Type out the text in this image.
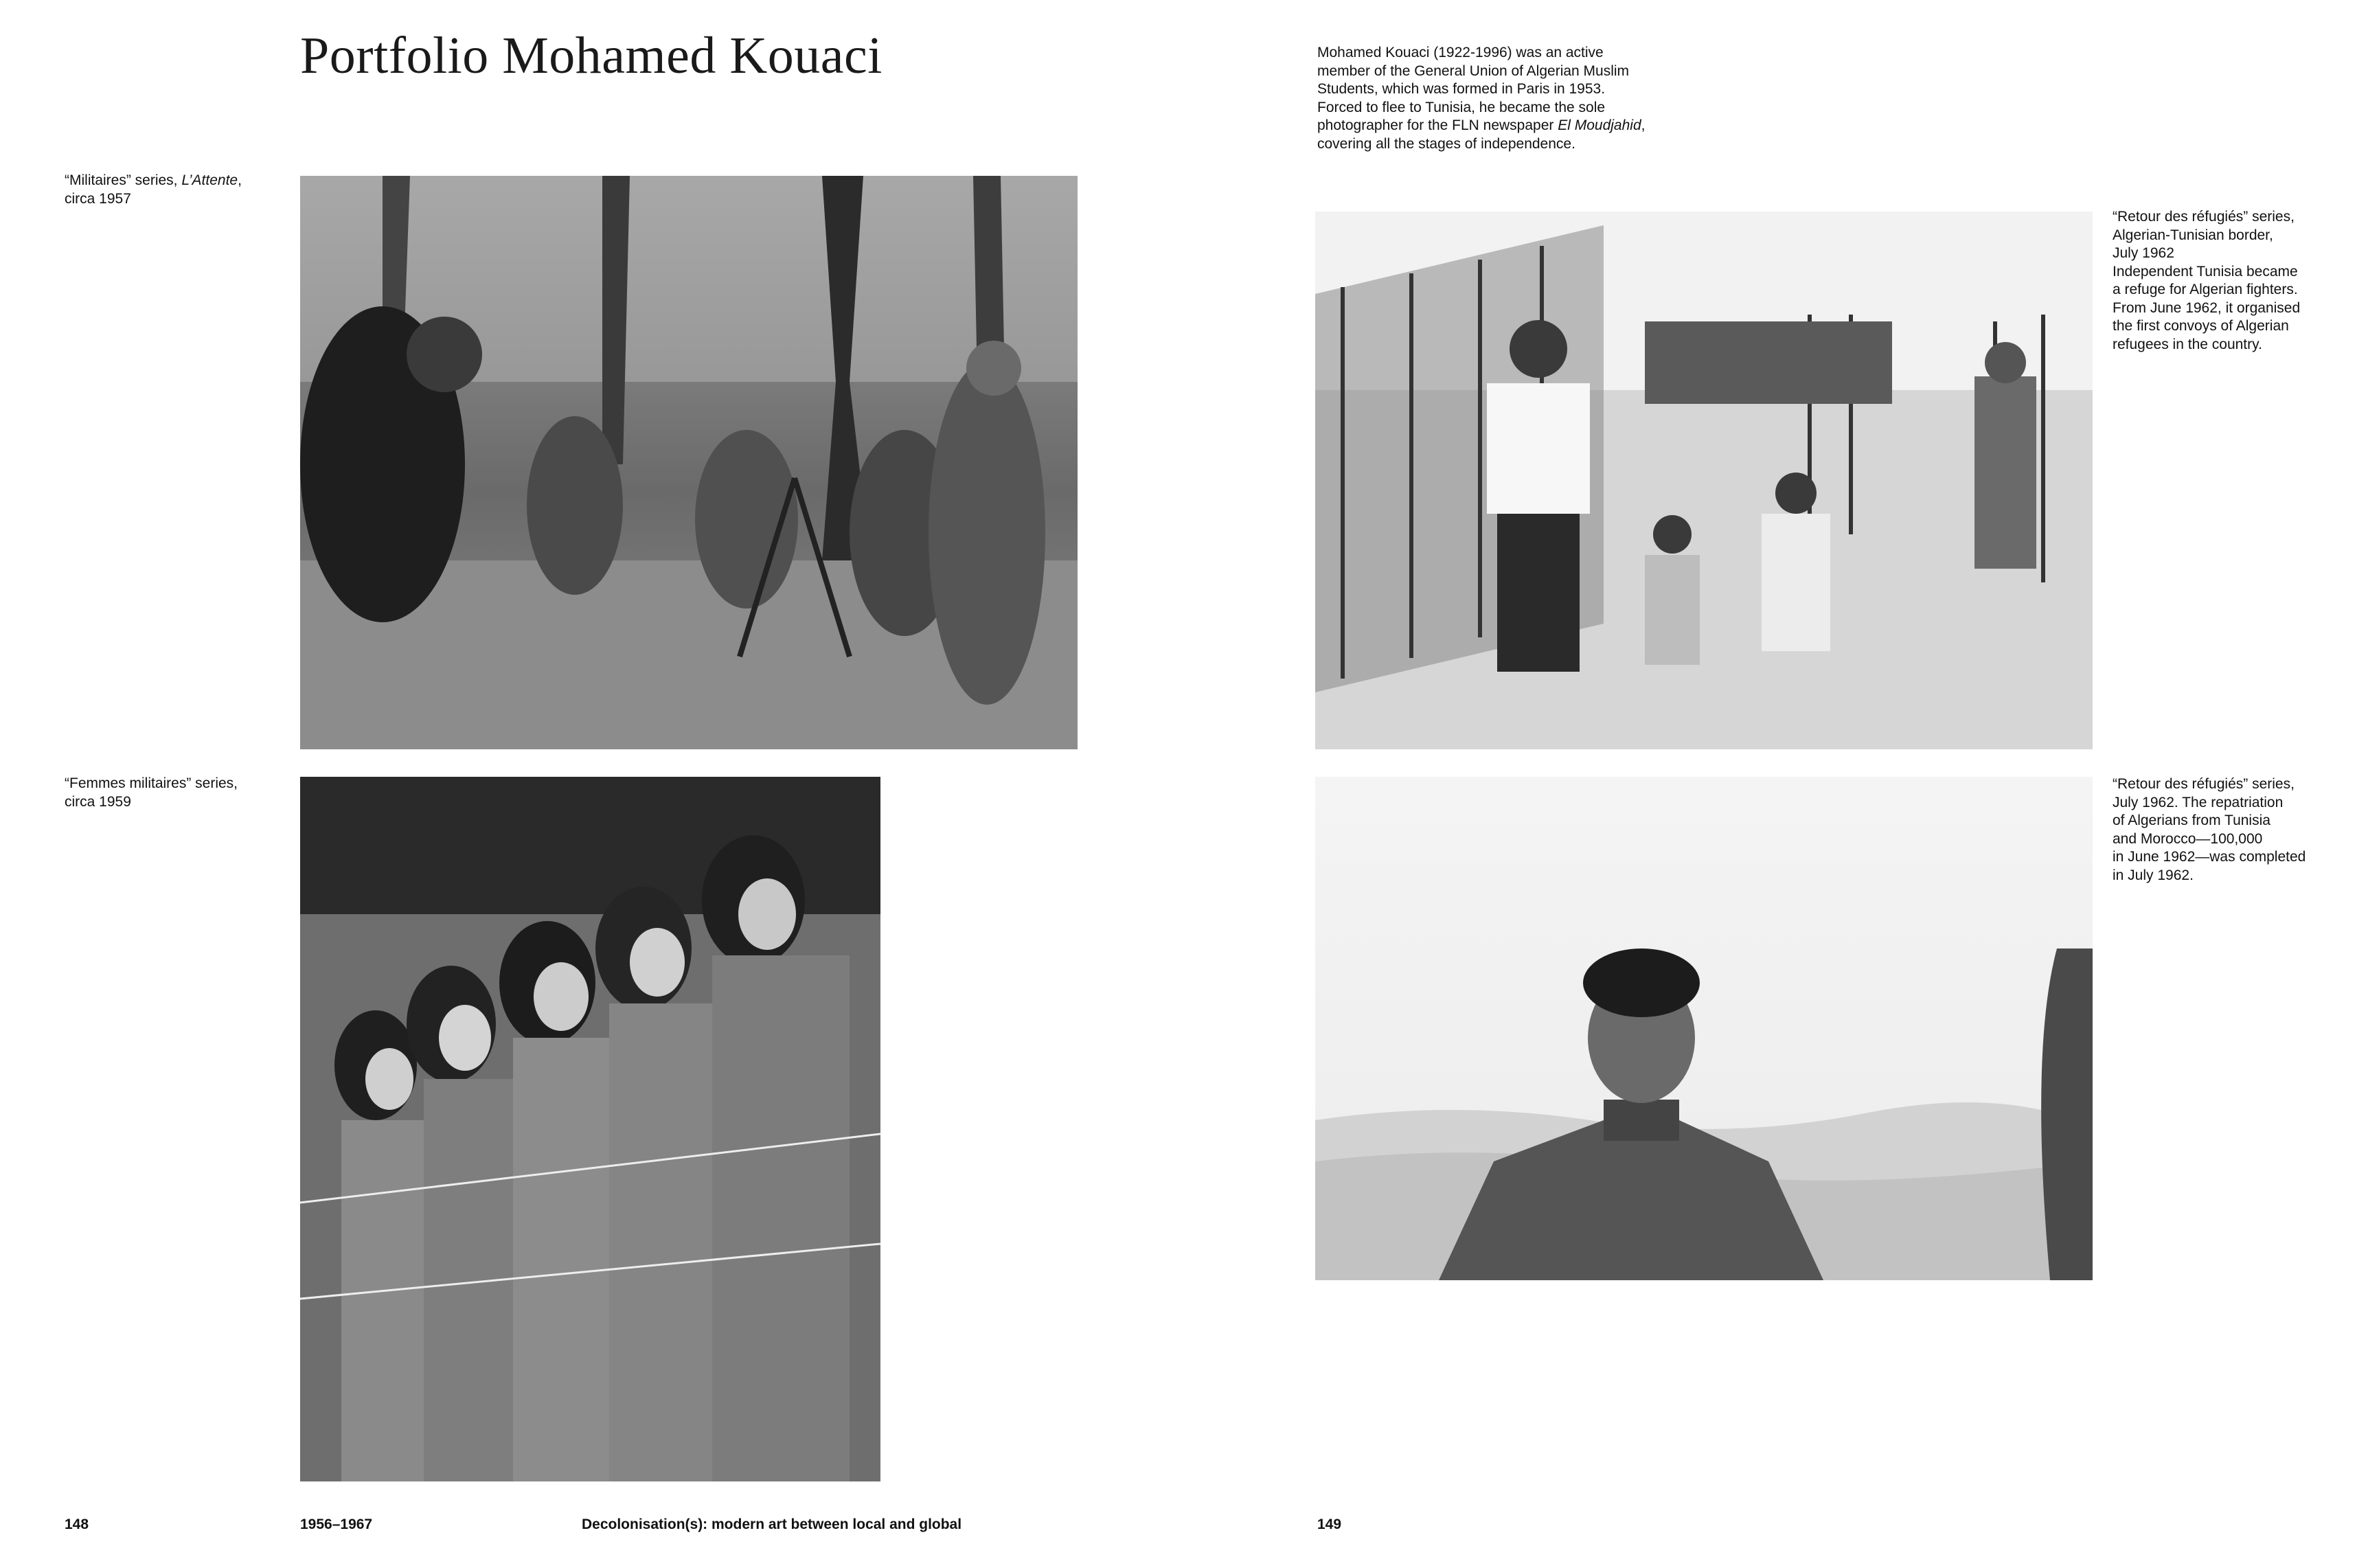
Portfolio Mohamed Kouaci	Mohamed Kouaci (1922-1996) was an active
member of the General Union of Algerian Muslim
Students, which was formed in Paris in 1953.
Forced to flee to Tunisia, he became the sole
photographer for the FLN newspaper El Moudjahid,
covering all the stages of independence.
“Militaires” series, L’Attente,
circa 1957
“Femmes militaires” series,
circa 1959
“Retour des réfugiés” series,
Algerian-Tunisian border,
July 1962
Independent Tunisia became
a refuge for Algerian fighters.
From June 1962, it organised
the first convoys of Algerian
refugees in the country.
“Retour des réfugiés” series,
July 1962. The repatriation
of Algerians from Tunisia
and Morocco—100,000
in June 1962—was completed
in July 1962.
148	1956–1967	Decolonisation(s): modern art between local and global	149
